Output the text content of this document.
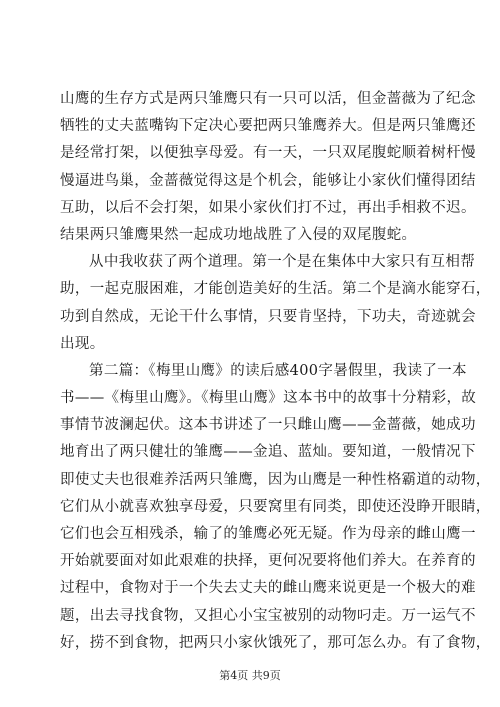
山鹰的生存方式是两只雏鹰只有一只可以活，但金蔷薇为了纪念
牺牲的丈夫蓝嘴钩下定决心要把两只雏鹰养大。但是两只雏鹰还
是经常打架，以便独享母爱。有一天，一只双尾腹蛇顺着树杆慢
慢逼进鸟巢，金蔷薇觉得这是个机会，能够让小家伙们懂得团结
互助，以后不会打架，如果小家伙们打不过，再出手相救不迟。
结果两只雏鹰果然一起成功地战胜了入侵的双尾腹蛇。
从中我收获了两个道理。第一个是在集体中大家只有互相帮
助，一起克服困难，才能创造美好的生活。第二个是滴水能穿石，
功到自然成，无论干什么事情，只要肯坚持，下功夫，奇迹就会
出现。
第二篇：《梅里山鹰》的读后感400字暑假里，我读了一本
书——《梅里山鹰》。《梅里山鹰》这本书中的故事十分精彩，故
事情节波澜起伏。这本书讲述了一只雌山鹰——金蔷薇，她成功
地育出了两只健壮的雏鹰——金追、蓝灿。要知道，一般情况下
即使丈夫也很难养活两只雏鹰，因为山鹰是一种性格霸道的动物，
它们从小就喜欢独享母爱，只要窝里有同类，即使还没睁开眼睛，
它们也会互相残杀，输了的雏鹰必死无疑。作为母亲的雌山鹰一
开始就要面对如此艰难的抉择，更何况要将他们养大。在养育的
过程中，食物对于一个失去丈夫的雌山鹰来说更是一个极大的难
题，出去寻找食物，又担心小宝宝被别的动物叼走。万一运气不
好，捞不到食物，把两只小家伙饿死了，那可怎么办。有了食物，
第4页 共9页
